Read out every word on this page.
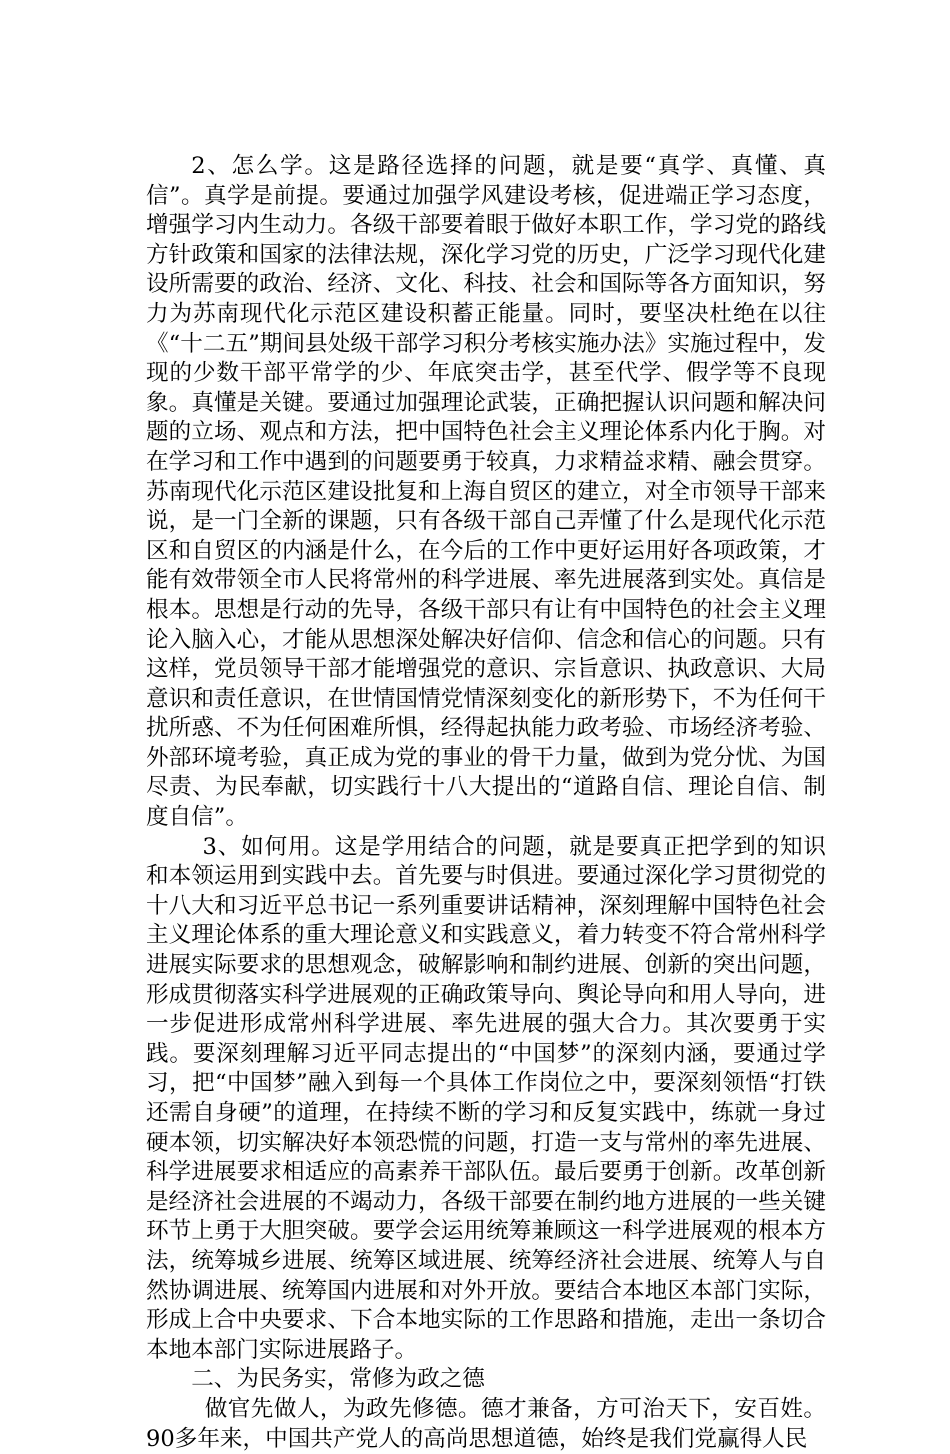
2、怎么学。这是路径选择的问题，就是要“真学、真懂、真信”。真学是前提。要通过加强学风建设考核，促进端正学习态度，增强学习内生动力。各级干部要着眼于做好本职工作，学习党的路线方针政策和国家的法律法规，深化学习党的历史，广泛学习现代化建设所需要的政治、经济、文化、科技、社会和国际等各方面知识，努力为苏南现代化示范区建设积蓄正能量。同时，要坚决杜绝在以往《“十二五”期间县处级干部学习积分考核实施办法》实施过程中，发现的少数干部平常学的少、年底突击学，甚至代学、假学等不良现象。真懂是关键。要通过加强理论武装，正确把握认识问题和解决问题的立场、观点和方法，把中国特色社会主义理论体系内化于胸。对在学习和工作中遇到的问题要勇于较真，力求精益求精、融会贯穿。苏南现代化示范区建设批复和上海自贸区的建立，对全市领导干部来说，是一门全新的课题，只有各级干部自己弄懂了什么是现代化示范区和自贸区的内涵是什么，在今后的工作中更好运用好各项政策，才能有效带领全市人民将常州的科学进展、率先进展落到实处。真信是根本。思想是行动的先导，各级干部只有让有中国特色的社会主义理论入脑入心，才能从思想深处解决好信仰、信念和信心的问题。只有这样，党员领导干部才能增强党的意识、宗旨意识、执政意识、大局意识和责任意识，在世情国情党情深刻变化的新形势下，不为任何干扰所惑、不为任何困难所惧，经得起执能力政考验、市场经济考验、外部环境考验，真正成为党的事业的骨干力量，做到为党分忧、为国尽责、为民奉献，切实践行十八大提出的“道路自信、理论自信、制度自信”。

3、如何用。这是学用结合的问题，就是要真正把学到的知识和本领运用到实践中去。首先要与时俱进。要通过深化学习贯彻党的十八大和习近平总书记一系列重要讲话精神，深刻理解中国特色社会主义理论体系的重大理论意义和实践意义，着力转变不符合常州科学进展实际要求的思想观念，破解影响和制约进展、创新的突出问题，形成贯彻落实科学进展观的正确政策导向、舆论导向和用人导向，进一步促进形成常州科学进展、率先进展的强大合力。其次要勇于实践。要深刻理解习近平同志提出的“中国梦”的深刻内涵，要通过学习，把“中国梦”融入到每一个具体工作岗位之中，要深刻领悟“打铁还需自身硬”的道理，在持续不断的学习和反复实践中，练就一身过硬本领，切实解决好本领恐慌的问题，打造一支与常州的率先进展、科学进展要求相适应的高素养干部队伍。最后要勇于创新。改革创新是经济社会进展的不竭动力，各级干部要在制约地方进展的一些关键环节上勇于大胆突破。要学会运用统筹兼顾这一科学进展观的根本方法，统筹城乡进展、统筹区域进展、统筹经济社会进展、统筹人与自然协调进展、统筹国内进展和对外开放。要结合本地区本部门实际，形成上合中央要求、下合本地实际的工作思路和措施，走出一条切合本地本部门实际进展路子。

二、为民务实，常修为政之德

做官先做人，为政先修德。德才兼备，方可治天下，安百姓。90多年来，中国共产党人的高尚思想道德，始终是我们党赢得人民
